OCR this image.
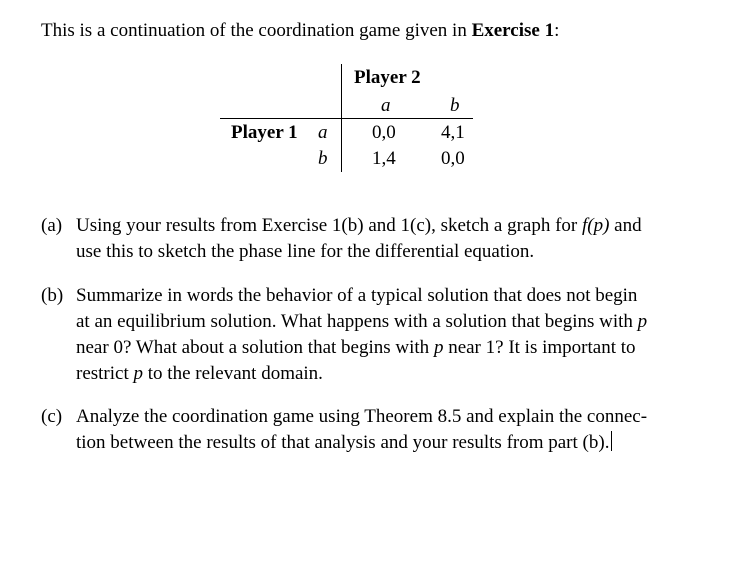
This is a continuation of the coordination game given in Exercise 1:
Player 2
a	b
Player 1 a
b
0,0 4,1
1,4 0,0
(a) Using your results from Exercise 1(b) and 1(c), sketch a graph for f(p) and
use this to sketch the phase line for the differential equation.
(b) Summarize in words the behavior of a typical solution that does not begin
at an equilibrium solution. What happens with a solution that begins with p
near 0? What about a solution that begins with p near 1? It is important to
restrict p to the relevant domain.
(c) Analyze the coordination game using Theorem 8.5 and explain the connec-
tion between the results of that analysis and your results from part (b).
